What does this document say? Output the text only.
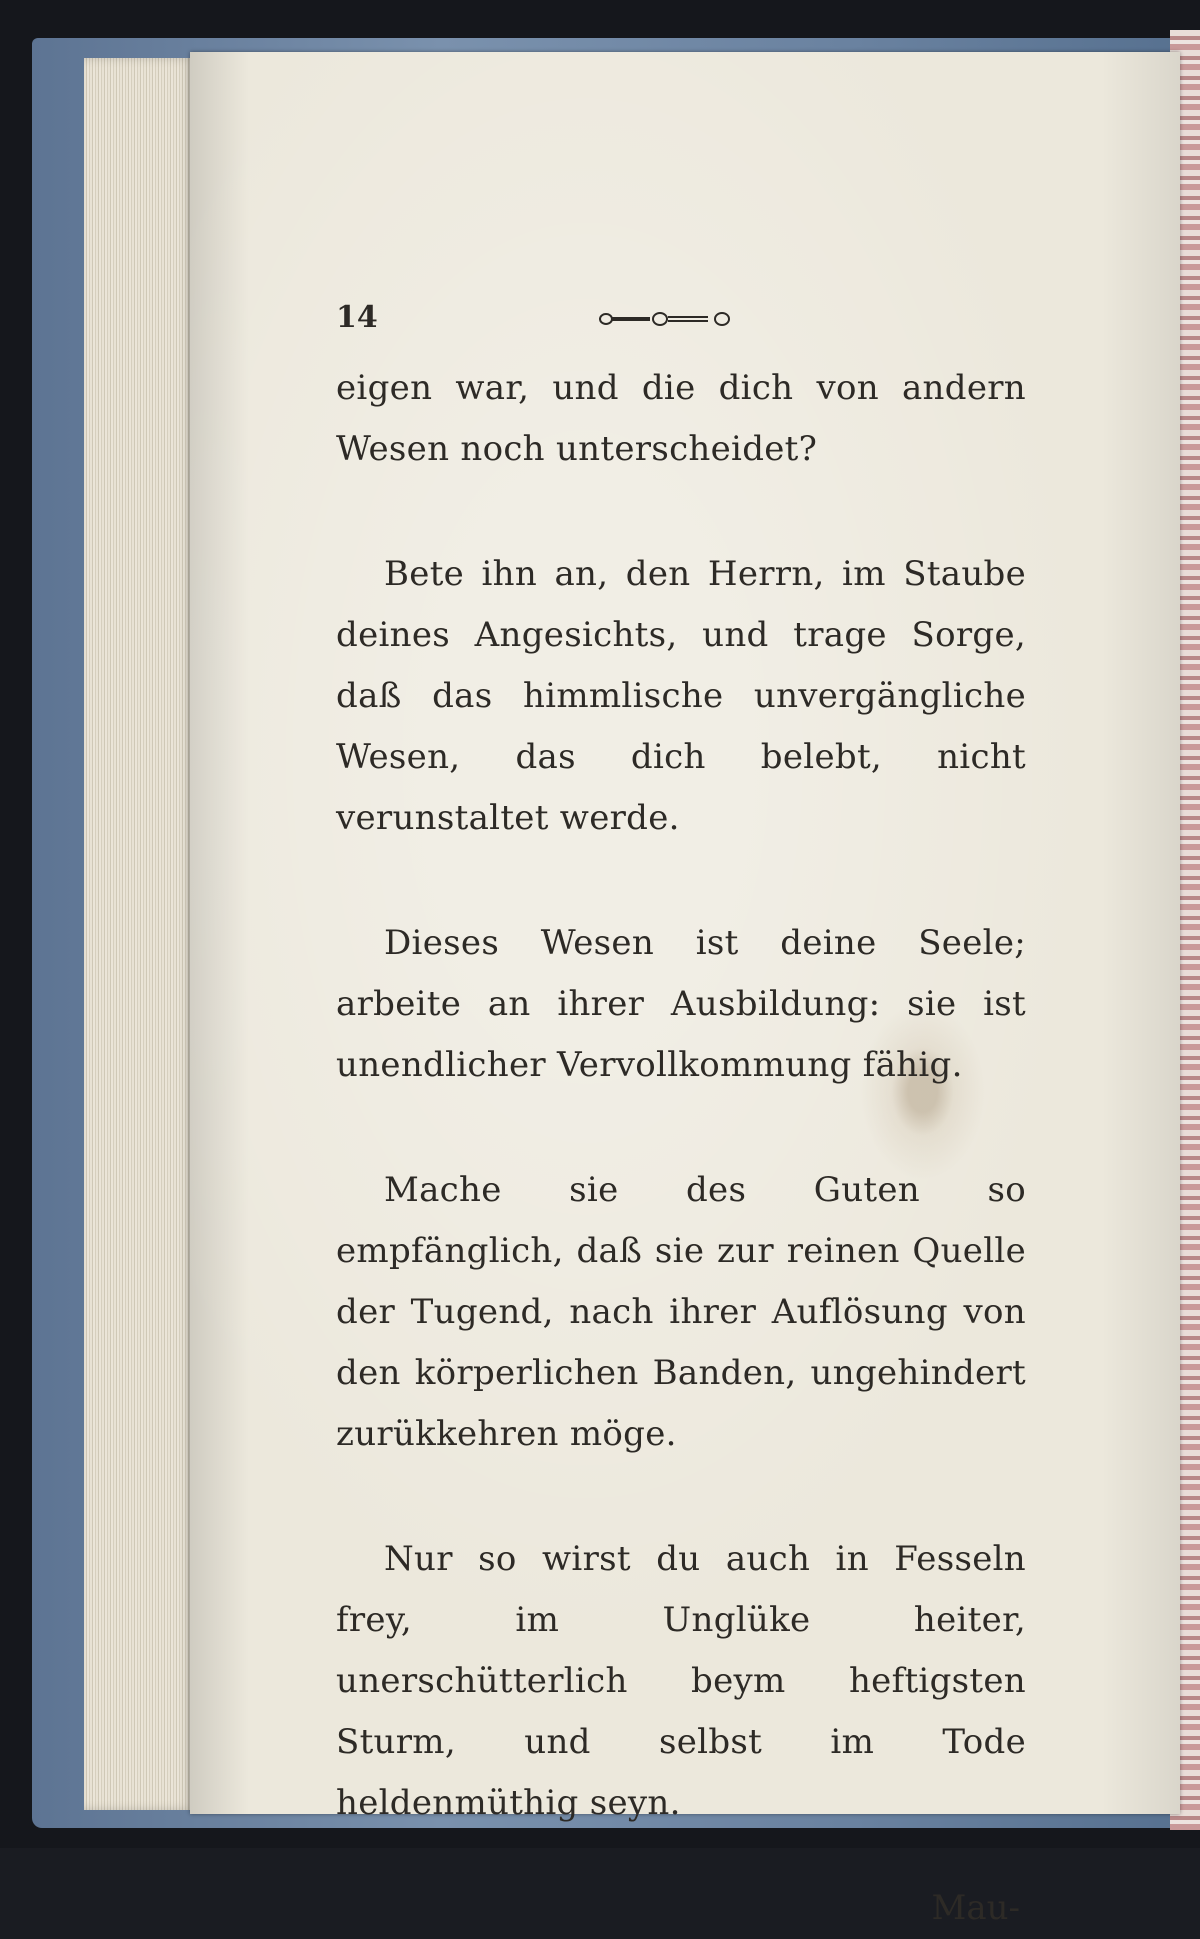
14

eigen war, und die dich von andern Wesen noch unterscheidet?

Bete ihn an, den Herrn, im Staube deines Angesichts, und trage Sorge, daß das himmlische unvergängliche Wesen, das dich belebt, nicht verunstaltet werde.

Dieses Wesen ist deine Seele; arbeite an ihrer Ausbildung: sie ist unendlicher Vervollkommung fähig.

Mache sie des Guten so empfänglich, daß sie zur reinen Quelle der Tugend, nach ihrer Auflösung von den körperlichen Banden, ungehindert zurükkehren möge.

Nur so wirst du auch in Fesseln frey, im Unglüke heiter, unerschütterlich beym heftigsten Sturm, und selbst im Tode heldenmüthig seyn.

Mau-
